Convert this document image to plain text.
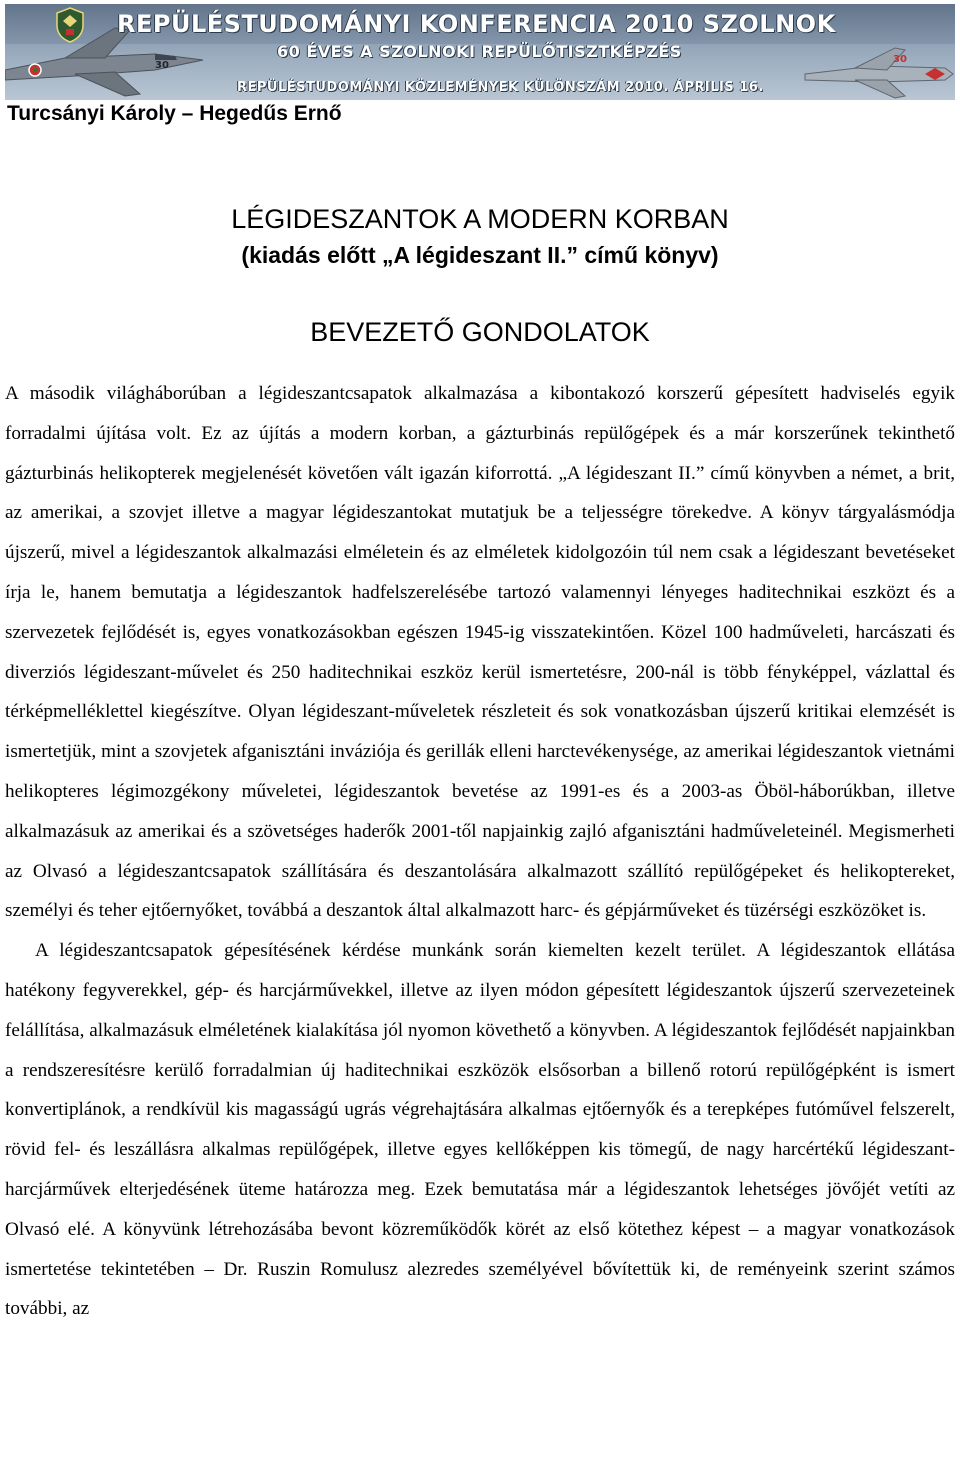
30
30
REPÜLÉSTUDOMÁNYI KONFERENCIA 2010 SZOLNOK
60 ÉVES A SZOLNOKI REPÜLŐTISZTKÉPZÉS
REPÜLÉSTUDOMÁNYI KÖZLEMÉNYEK KÜLÖNSZÁM 2010. ÁPRILIS 16.
Turcsányi Károly – Hegedűs Ernő
LÉGIDESZANTOK A MODERN KORBAN
(kiadás előtt „A légideszant II.” című könyv)
BEVEZETŐ GONDOLATOK

A második világháborúban a légideszantcsapatok alkalmazása a kibontakozó korszerű gépesített hadviselés egyik forradalmi újítása volt. Ez az újítás a modern korban, a gázturbinás repülőgépek és a már korszerűnek tekinthető gázturbinás helikopterek megjelenését követően vált igazán kiforrottá. „A légideszant II.” című könyvben a német, a brit, az amerikai, a szovjet illetve a magyar légideszantokat mutatjuk be a teljességre törekedve. A könyv tárgyalásmódja újszerű, mivel a légideszantok alkalmazási elméletein és az elméletek kidolgozóin túl nem csak a légideszant bevetéseket írja le, hanem bemutatja a légideszantok hadfelszerelésébe tartozó valamennyi lényeges haditechnikai eszközt és a szervezetek fejlődését is, egyes vonatkozásokban egészen 1945-ig visszatekintően. Közel 100 hadműveleti, harcászati és diverziós légideszant-művelet és 250 haditechnikai eszköz kerül ismertetésre, 200-nál is több fényképpel, vázlattal és térképmelléklettel kiegészítve. Olyan légideszant-műveletek részleteit és sok vonatkozásban újszerű kritikai elemzését is ismertetjük, mint a szovjetek afganisztáni inváziója és gerillák elleni harctevékenysége, az amerikai légideszantok vietnámi helikopteres légimozgékony műveletei, légideszantok bevetése az 1991-es és a 2003-as Öböl-háborúkban, illetve alkalmazásuk az amerikai és a szövetséges haderők 2001-től napjainkig zajló afganisztáni hadműveleteinél. Megismerheti az Olvasó a légideszantcsapatok szállítására és deszantolására alkalmazott szállító repülőgépeket és helikoptereket, személyi és teher ejtőernyőket, továbbá a deszantok által alkalmazott harc- és gépjárműveket és tüzérségi eszközöket is.

A légideszantcsapatok gépesítésének kérdése munkánk során kiemelten kezelt terület. A légideszantok ellátása hatékony fegyverekkel, gép- és harcjárművekkel, illetve az ilyen módon gépesített légideszantok újszerű szervezeteinek felállítása, alkalmazásuk elméletének kialakítása jól nyomon követhető a könyvben. A légideszantok fejlődését napjainkban a rendszeresítésre kerülő forradalmian új haditechnikai eszközök elsősorban a billenő rotorú repülőgépként is ismert konvertiplánok, a rendkívül kis magasságú ugrás végrehajtására alkalmas ejtőernyők és a terepképes futóművel felszerelt, rövid fel- és leszállásra alkalmas repülőgépek, illetve egyes kellőképpen kis tömegű, de nagy harcértékű légideszant-harcjárművek elterjedésének üteme határozza meg. Ezek bemutatása már a légideszantok lehetséges jövőjét vetíti az Olvasó elé. A könyvünk létrehozásába bevont közreműködők körét az első kötethez képest – a magyar vonatkozások ismertetése tekintetében – Dr. Ruszin Romulusz alezredes személyével bővítettük ki, de reményeink szerint számos további, az
